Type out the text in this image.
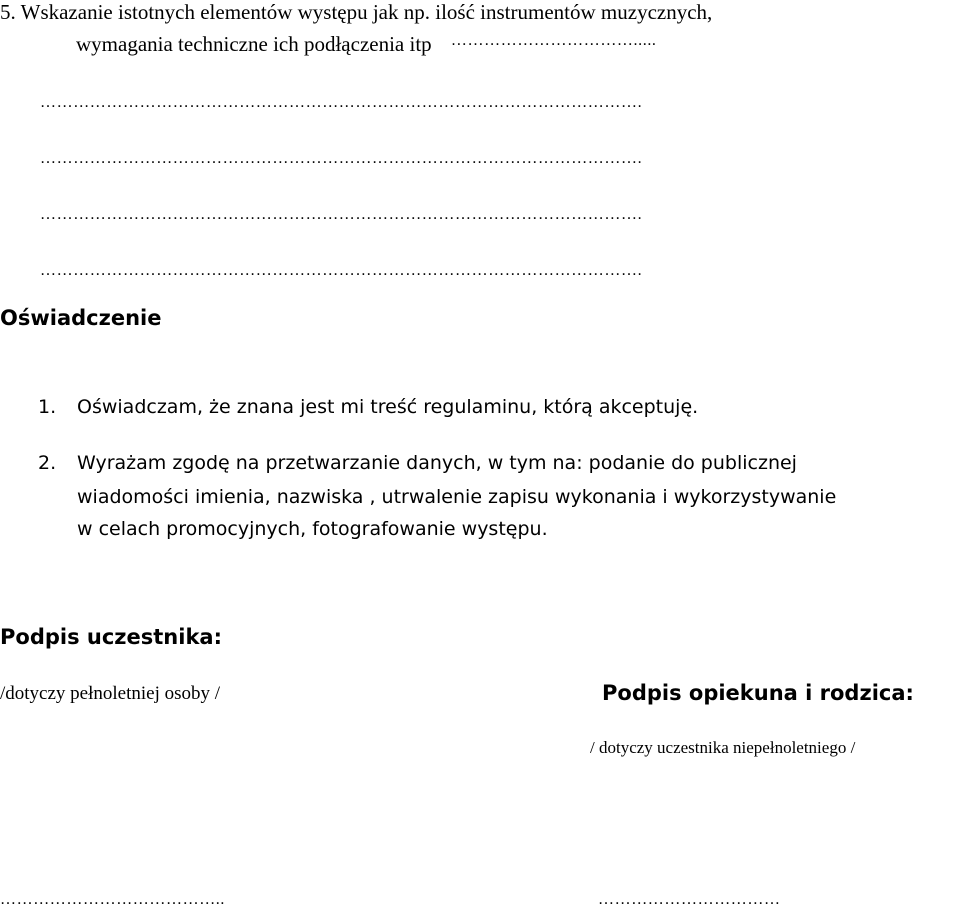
5. Wskazanie istotnych elementów występu jak np. ilość instrumentów muzycznych,
wymagania techniczne ich podłączenia itp …………………………….....
……………………………………………………………………………………………….
……………………………………………………………………………………………….
……………………………………………………………………………………………….
……………………………………………………………………………………………….
Oświadczenie
1. Oświadczam, że znana jest mi treść regulaminu, którą akceptuję.
2. Wyrażam zgodę na przetwarzanie danych, w tym na: podanie do publicznej
wiadomości imienia, nazwiska , utrwalenie zapisu wykonania i wykorzystywanie
w celach promocyjnych, fotografowanie występu.
Podpis uczestnika:
/dotyczy pełnoletniej osoby /	Podpis opiekuna i rodzica:
/ dotyczy uczestnika niepełnoletniego /
…………………………………..	……………………………
